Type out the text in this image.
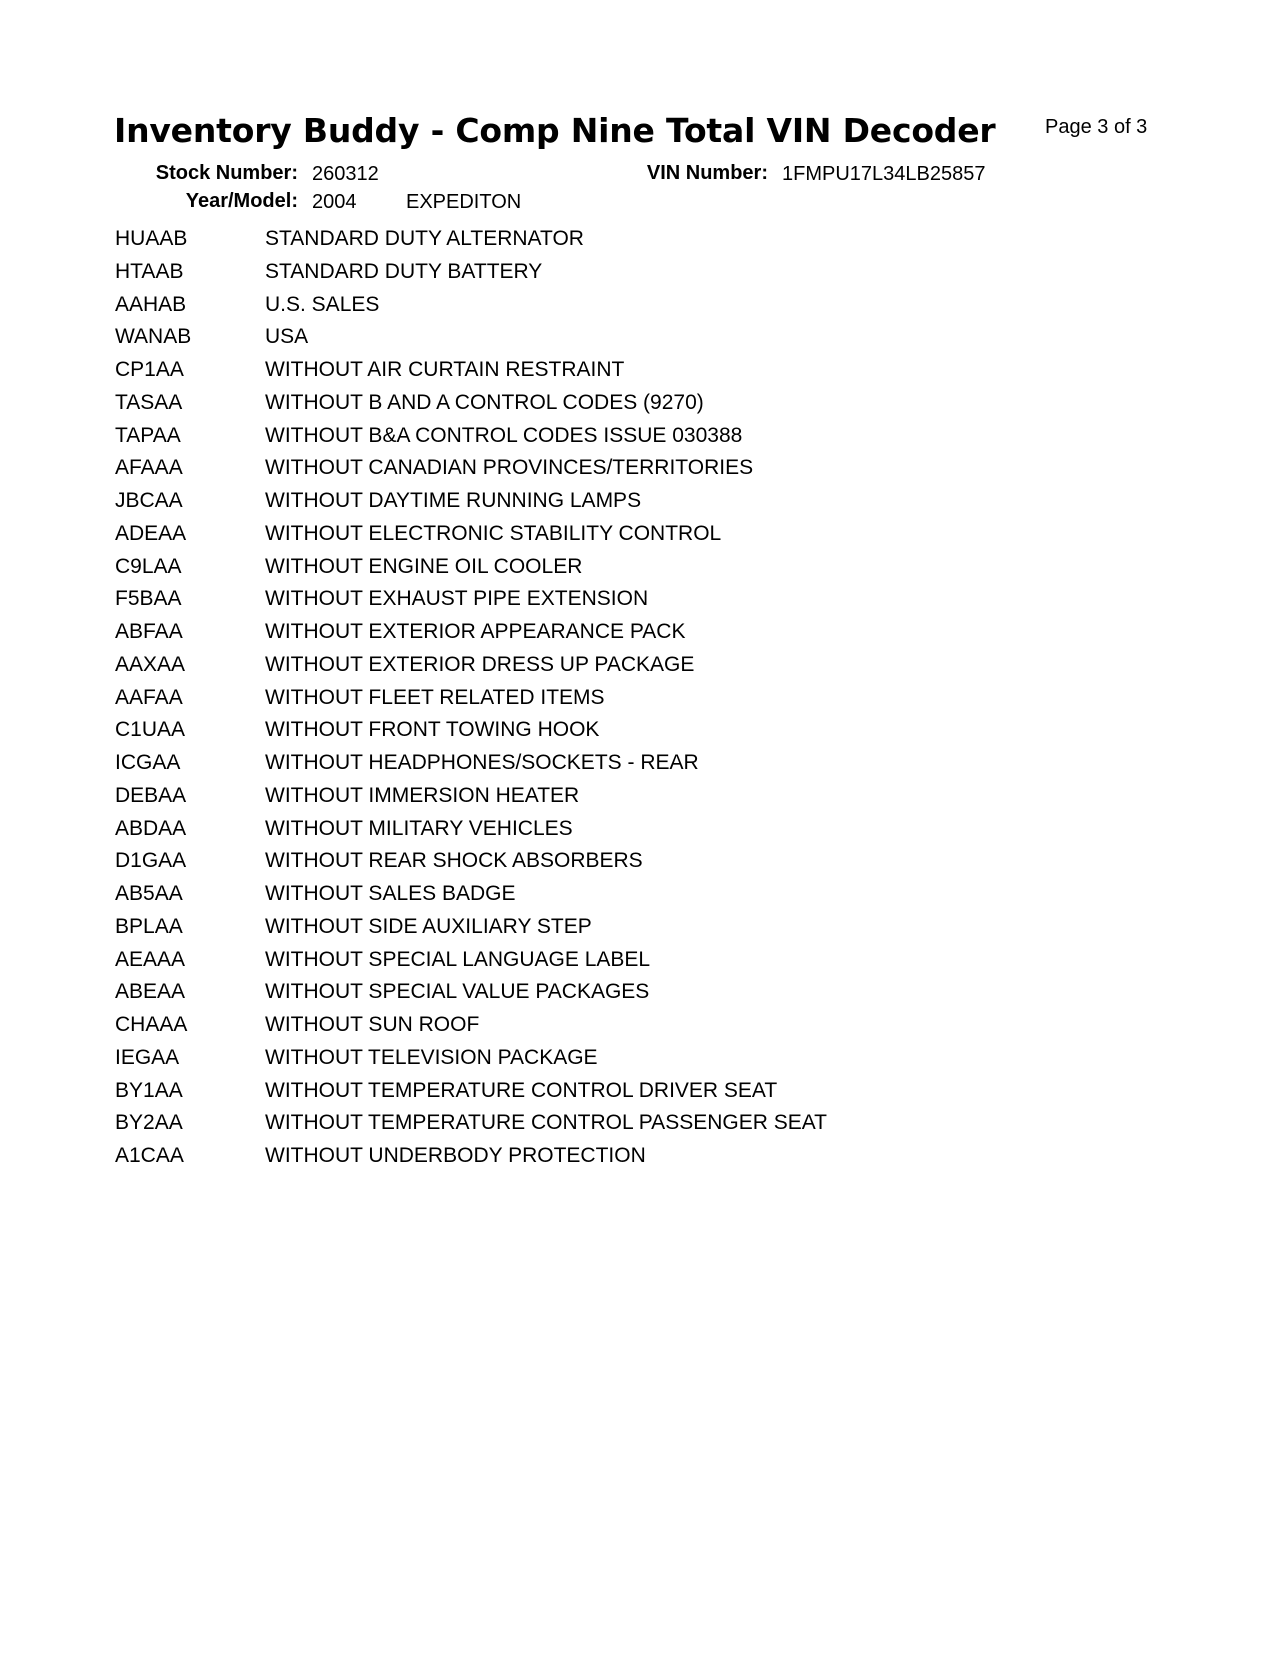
Inventory Buddy - Comp Nine Total VIN Decoder Page 3 of 3
Stock Number: 260312	VIN Number: 1FMPU17L34LB25857
Year/Model: 2004 EXPEDITON
HUAAB	STANDARD DUTY ALTERNATOR
HTAAB	STANDARD DUTY BATTERY
AAHAB	U.S. SALES
WANAB	USA
CP1AA	WITHOUT AIR CURTAIN RESTRAINT
TASAA	WITHOUT B AND A CONTROL CODES (9270)
TAPAA	WITHOUT B&A CONTROL CODES ISSUE 030388
AFAAA	WITHOUT CANADIAN PROVINCES/TERRITORIES
JBCAA	WITHOUT DAYTIME RUNNING LAMPS
ADEAA	WITHOUT ELECTRONIC STABILITY CONTROL
C9LAA	WITHOUT ENGINE OIL COOLER
F5BAA	WITHOUT EXHAUST PIPE EXTENSION
ABFAA	WITHOUT EXTERIOR APPEARANCE PACK
AAXAA	WITHOUT EXTERIOR DRESS UP PACKAGE
AAFAA	WITHOUT FLEET RELATED ITEMS
C1UAA	WITHOUT FRONT TOWING HOOK
ICGAA	WITHOUT HEADPHONES/SOCKETS - REAR
DEBAA	WITHOUT IMMERSION HEATER
ABDAA	WITHOUT MILITARY VEHICLES
D1GAA	WITHOUT REAR SHOCK ABSORBERS
AB5AA	WITHOUT SALES BADGE
BPLAA	WITHOUT SIDE AUXILIARY STEP
AEAAA	WITHOUT SPECIAL LANGUAGE LABEL
ABEAA	WITHOUT SPECIAL VALUE PACKAGES
CHAAA	WITHOUT SUN ROOF
IEGAA	WITHOUT TELEVISION PACKAGE
BY1AA	WITHOUT TEMPERATURE CONTROL DRIVER SEAT
BY2AA	WITHOUT TEMPERATURE CONTROL PASSENGER SEAT
A1CAA	WITHOUT UNDERBODY PROTECTION
